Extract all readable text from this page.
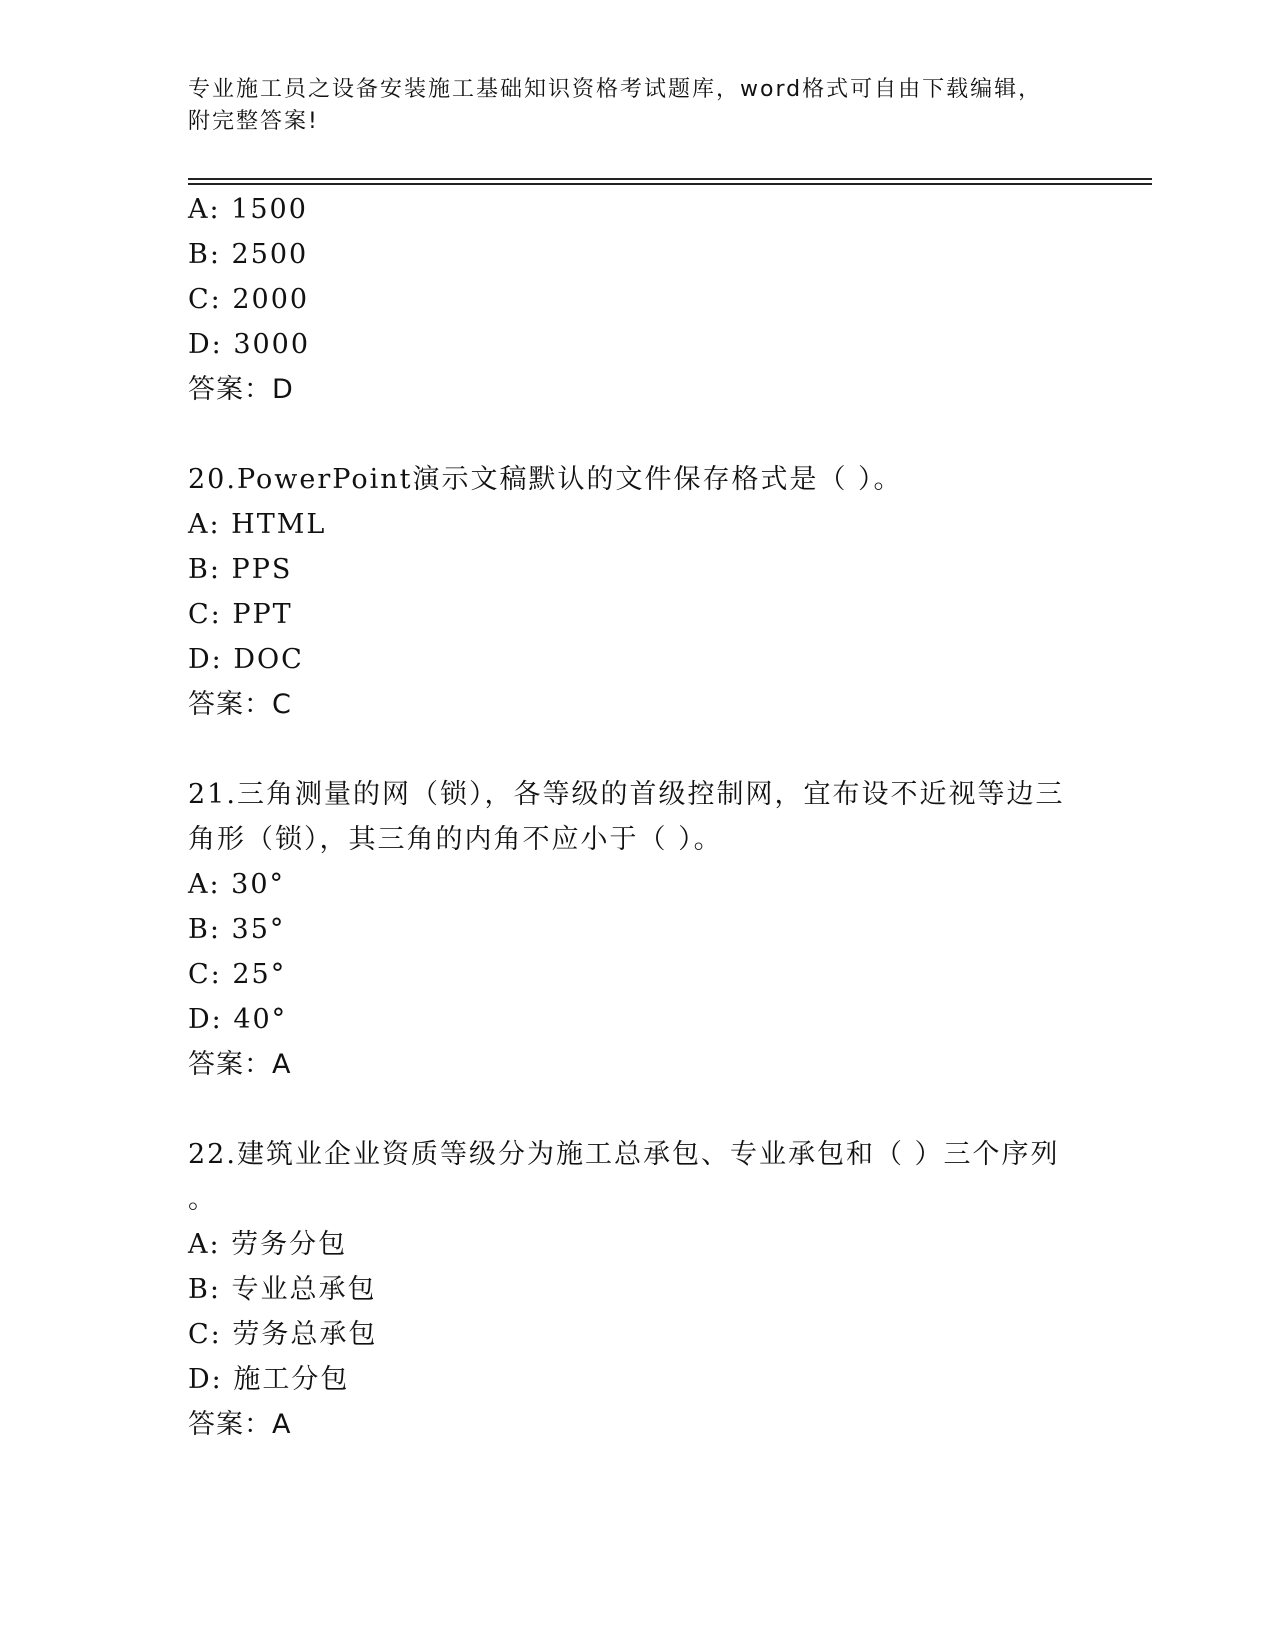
专业施工员之设备安装施工基础知识资格考试题库，word格式可自由下载编辑，
附完整答案!
A: 1500
B: 2500
C: 2000
D: 3000
答案：D
20.PowerPoint演示文稿默认的文件保存格式是（ ）。
A: HTML
B: PPS
C: PPT
D: DOC
答案：C
21.三角测量的网（锁），各等级的首级控制网，宜布设不近视等边三
角形（锁），其三角的内角不应小于（ ）。
A: 30°
B: 35°
C: 25°
D: 40°
答案：A
22.建筑业企业资质等级分为施工总承包、专业承包和（ ）三个序列
。
A: 劳务分包
B: 专业总承包
C: 劳务总承包
D: 施工分包
答案：A
